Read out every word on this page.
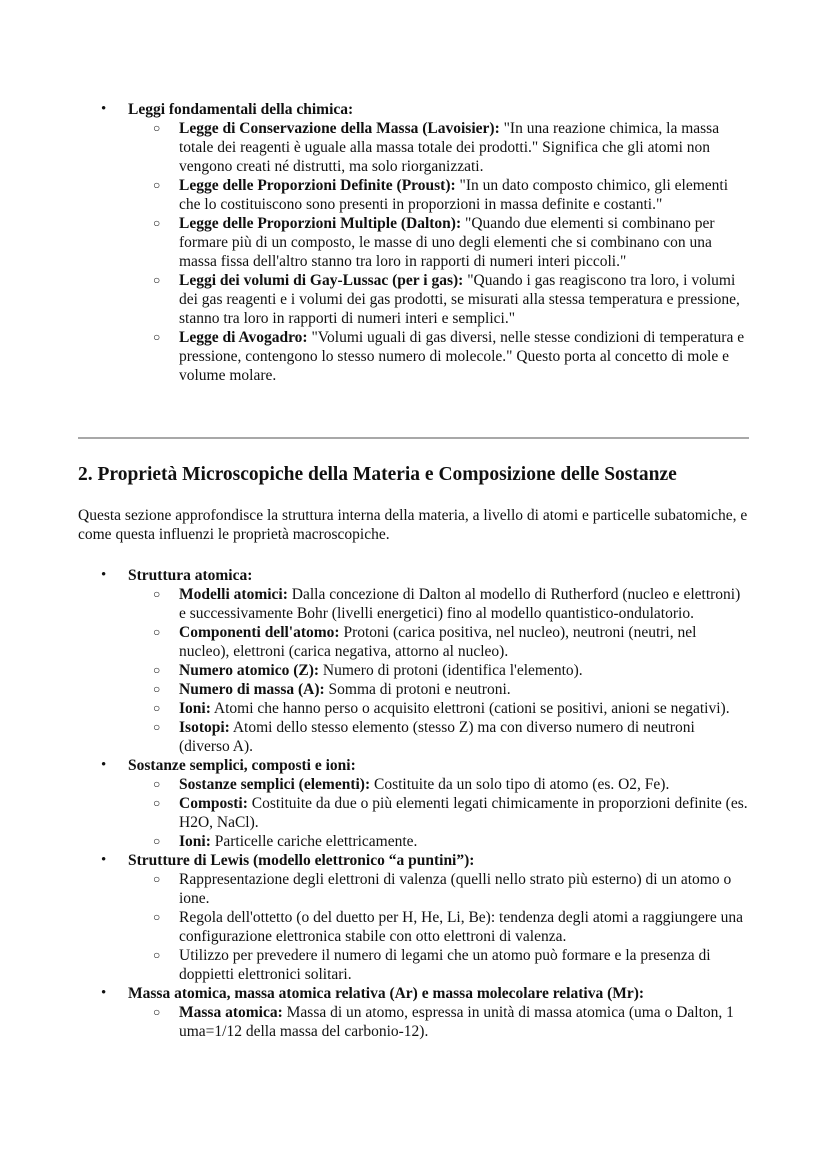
• Leggi fondamentali della chimica:
○ Legge di Conservazione della Massa (Lavoisier): "In una reazione chimica, la massa totale dei reagenti è uguale alla massa totale dei prodotti." Significa che gli atomi non vengono creati né distrutti, ma solo riorganizzati.
○ Legge delle Proporzioni Definite (Proust): "In un dato composto chimico, gli elementi che lo costituiscono sono presenti in proporzioni in massa definite e costanti."
○ Legge delle Proporzioni Multiple (Dalton): "Quando due elementi si combinano per formare più di un composto, le masse di uno degli elementi che si combinano con una massa fissa dell'altro stanno tra loro in rapporti di numeri interi piccoli."
○ Leggi dei volumi di Gay-Lussac (per i gas): "Quando i gas reagiscono tra loro, i volumi dei gas reagenti e i volumi dei gas prodotti, se misurati alla stessa temperatura e pressione, stanno tra loro in rapporti di numeri interi e semplici."
○ Legge di Avogadro: "Volumi uguali di gas diversi, nelle stesse condizioni di temperatura e pressione, contengono lo stesso numero di molecole." Questo porta al concetto di mole e volume molare.
2. Proprietà Microscopiche della Materia e Composizione delle Sostanze

Questa sezione approfondisce la struttura interna della materia, a livello di atomi e particelle subatomiche, e come questa influenzi le proprietà macroscopiche.

• Struttura atomica:
○ Modelli atomici: Dalla concezione di Dalton al modello di Rutherford (nucleo e elettroni) e successivamente Bohr (livelli energetici) fino al modello quantistico-ondulatorio.
○ Componenti dell'atomo: Protoni (carica positiva, nel nucleo), neutroni (neutri, nel nucleo), elettroni (carica negativa, attorno al nucleo).
○ Numero atomico (Z): Numero di protoni (identifica l'elemento).
○ Numero di massa (A): Somma di protoni e neutroni.
○ Ioni: Atomi che hanno perso o acquisito elettroni (cationi se positivi, anioni se negativi).
○ Isotopi: Atomi dello stesso elemento (stesso Z) ma con diverso numero di neutroni (diverso A).
• Sostanze semplici, composti e ioni:
○ Sostanze semplici (elementi): Costituite da un solo tipo di atomo (es. O2, Fe).
○ Composti: Costituite da due o più elementi legati chimicamente in proporzioni definite (es. H2O, NaCl).
○ Ioni: Particelle cariche elettricamente.
• Strutture di Lewis (modello elettronico “a puntini”):
○ Rappresentazione degli elettroni di valenza (quelli nello strato più esterno) di un atomo o ione.
○ Regola dell'ottetto (o del duetto per H, He, Li, Be): tendenza degli atomi a raggiungere una configurazione elettronica stabile con otto elettroni di valenza.
○ Utilizzo per prevedere il numero di legami che un atomo può formare e la presenza di doppietti elettronici solitari.
• Massa atomica, massa atomica relativa (Ar) e massa molecolare relativa (Mr):
○ Massa atomica: Massa di un atomo, espressa in unità di massa atomica (uma o Dalton, 1 uma=1/12 della massa del carbonio-12).
